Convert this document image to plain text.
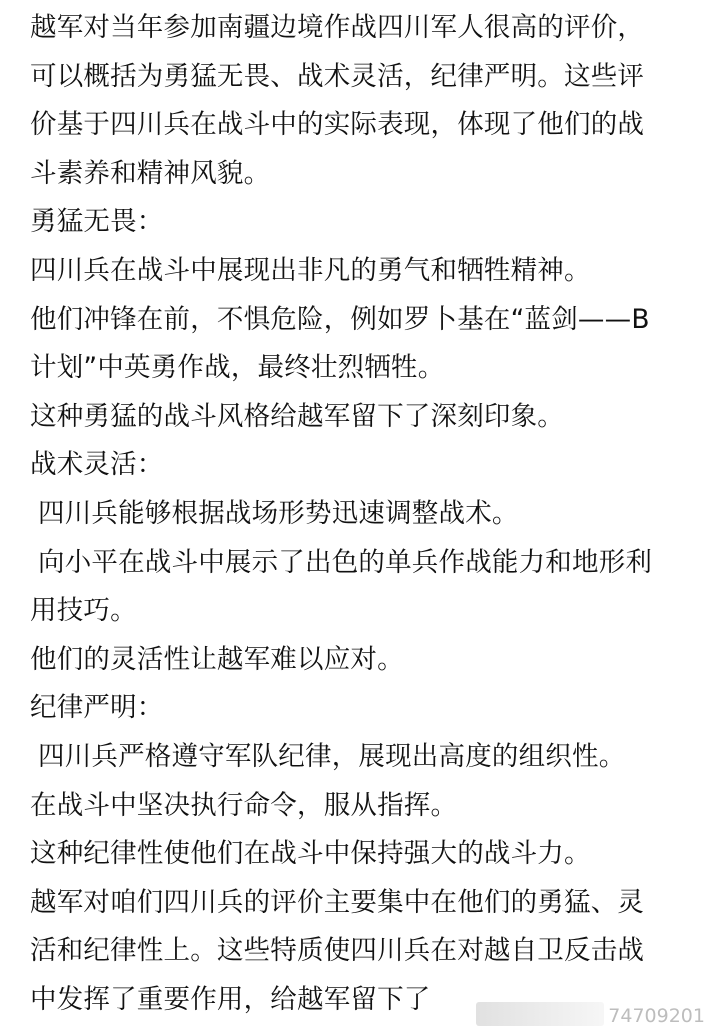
越军对当年参加南疆边境作战四川军人很高的评价，
可以概括为勇猛无畏、战术灵活，纪律严明。这些评
价基于四川兵在战斗中的实际表现，体现了他们的战
斗素养和精神风貌。
勇猛无畏：
四川兵在战斗中展现出非凡的勇气和牺牲精神。
他们冲锋在前，不惧危险，例如罗卜基在“蓝剑——B
计划”中英勇作战，最终壮烈牺牲。
这种勇猛的战斗风格给越军留下了深刻印象。
战术灵活：
四川兵能够根据战场形势迅速调整战术。
向小平在战斗中展示了出色的单兵作战能力和地形利
用技巧。
他们的灵活性让越军难以应对。
纪律严明：
四川兵严格遵守军队纪律，展现出高度的组织性。
在战斗中坚决执行命令，服从指挥。
这种纪律性使他们在战斗中保持强大的战斗力。
越军对咱们四川兵的评价主要集中在他们的勇猛、灵
活和纪律性上。这些特质使四川兵在对越自卫反击战
中发挥了重要作用，给越军留下了
74709201
